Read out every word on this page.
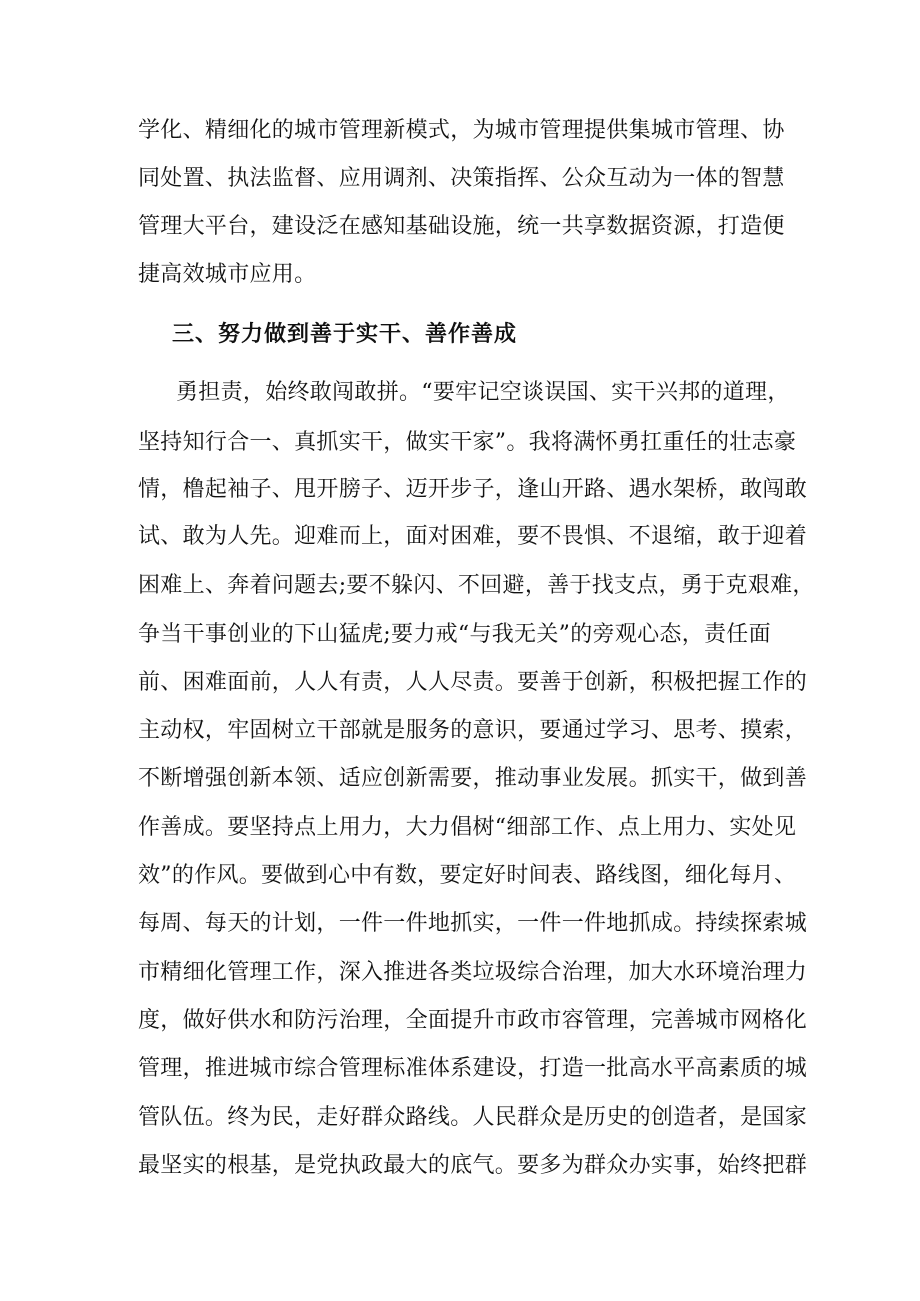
学化、精细化的城市管理新模式，为城市管理提供集城市管理、协
同处置、执法监督、应用调剂、决策指挥、公众互动为一体的智慧
管理大平台，建设泛在感知基础设施，统一共享数据资源，打造便
捷高效城市应用。
三、努力做到善于实干、善作善成
勇担责，始终敢闯敢拼。“要牢记空谈误国、实干兴邦的道理，
坚持知行合一、真抓实干，做实干家”。我将满怀勇扛重任的壮志豪
情，橹起袖子、甩开膀子、迈开步子，逢山开路、遇水架桥，敢闯敢
试、敢为人先。迎难而上，面对困难，要不畏惧、不退缩，敢于迎着
困难上、奔着问题去;要不躲闪、不回避，善于找支点，勇于克艰难，
争当干事创业的下山猛虎;要力戒“与我无关”的旁观心态，责任面
前、困难面前，人人有责，人人尽责。要善于创新，积极把握工作的
主动权，牢固树立干部就是服务的意识，要通过学习、思考、摸索，
不断增强创新本领、适应创新需要，推动事业发展。抓实干，做到善
作善成。要坚持点上用力，大力倡树“细部工作、点上用力、实处见
效”的作风。要做到心中有数，要定好时间表、路线图，细化每月、
每周、每天的计划，一件一件地抓实，一件一件地抓成。持续探索城
市精细化管理工作，深入推进各类垃圾综合治理，加大水环境治理力
度，做好供水和防污治理，全面提升市政市容管理，完善城市网格化
管理，推进城市综合管理标准体系建设，打造一批高水平高素质的城
管队伍。终为民，走好群众路线。人民群众是历史的创造者，是国家
最坚实的根基，是党执政最大的底气。要多为群众办实事，始终把群
